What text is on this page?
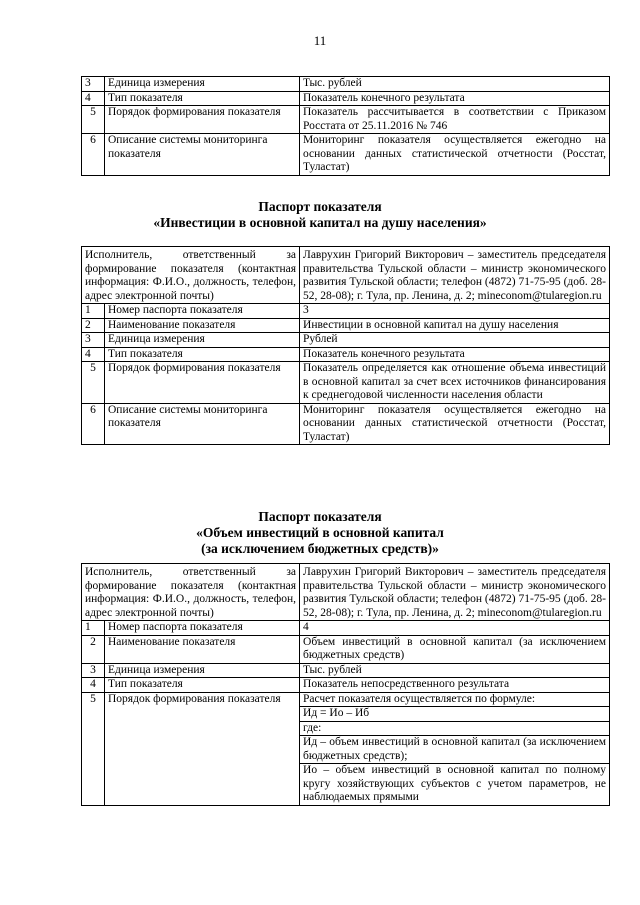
11
3	Единица измерения	Тыс. рублей
4	Тип показателя	Показатель конечного результата
5	Порядок формирования показателя	Показатель рассчитывается в соответствии с Приказом Росстата от 25.11.2016 № 746
6	Описание системы мониторинга показателя	Мониторинг показателя осуществляется ежегодно на основании данных статистической отчетности (Росстат, Туластат)
Паспорт показателя
«Инвестиции в основной капитал на душу населения»
Исполнитель, ответственный за формирование показателя (контактная информация: Ф.И.О., должность, телефон, адрес электронной почты)		Лаврухин Григорий Викторович – заместитель председателя правительства Тульской области – министр экономического развития Тульской области; телефон (4872) 71-75-95 (доб. 28-52, 28-08); г. Тула, пр. Ленина, д. 2; mineconom@tularegion.ru
1	Номер паспорта показателя	3
2	Наименование показателя	Инвестиции в основной капитал на душу населения
3	Единица измерения	Рублей
4	Тип показателя	Показатель конечного результата
5	Порядок формирования показателя	Показатель определяется как отношение объема инвестиций в основной капитал за счет всех источников финансирования к среднегодовой численности населения области
6	Описание системы мониторинга показателя	Мониторинг показателя осуществляется ежегодно на основании данных статистической отчетности (Росстат, Туластат)
Паспорт показателя
«Объем инвестиций в основной капитал
(за исключением бюджетных средств)»
Исполнитель, ответственный за формирование показателя (контактная информация: Ф.И.О., должность, телефон, адрес электронной почты)		Лаврухин Григорий Викторович – заместитель председателя правительства Тульской области – министр экономического развития Тульской области; телефон (4872) 71-75-95 (доб. 28-52, 28-08); г. Тула, пр. Ленина, д. 2; mineconom@tularegion.ru
1	Номер паспорта показателя	4
2	Наименование показателя	Объем инвестиций в основной капитал (за исключением бюджетных средств)
3	Единица измерения	Тыс. рублей
4	Тип показателя	Показатель непосредственного результата
5	Порядок формирования показателя	Расчет показателя осуществляется по формуле:
Ид = Ио – Иб
где:
Ид – объем инвестиций в основной капитал (за исключением бюджетных средств);
Ио – объем инвестиций в основной капитал по полному кругу хозяйствующих субъектов с учетом параметров, не наблюдаемых прямыми
